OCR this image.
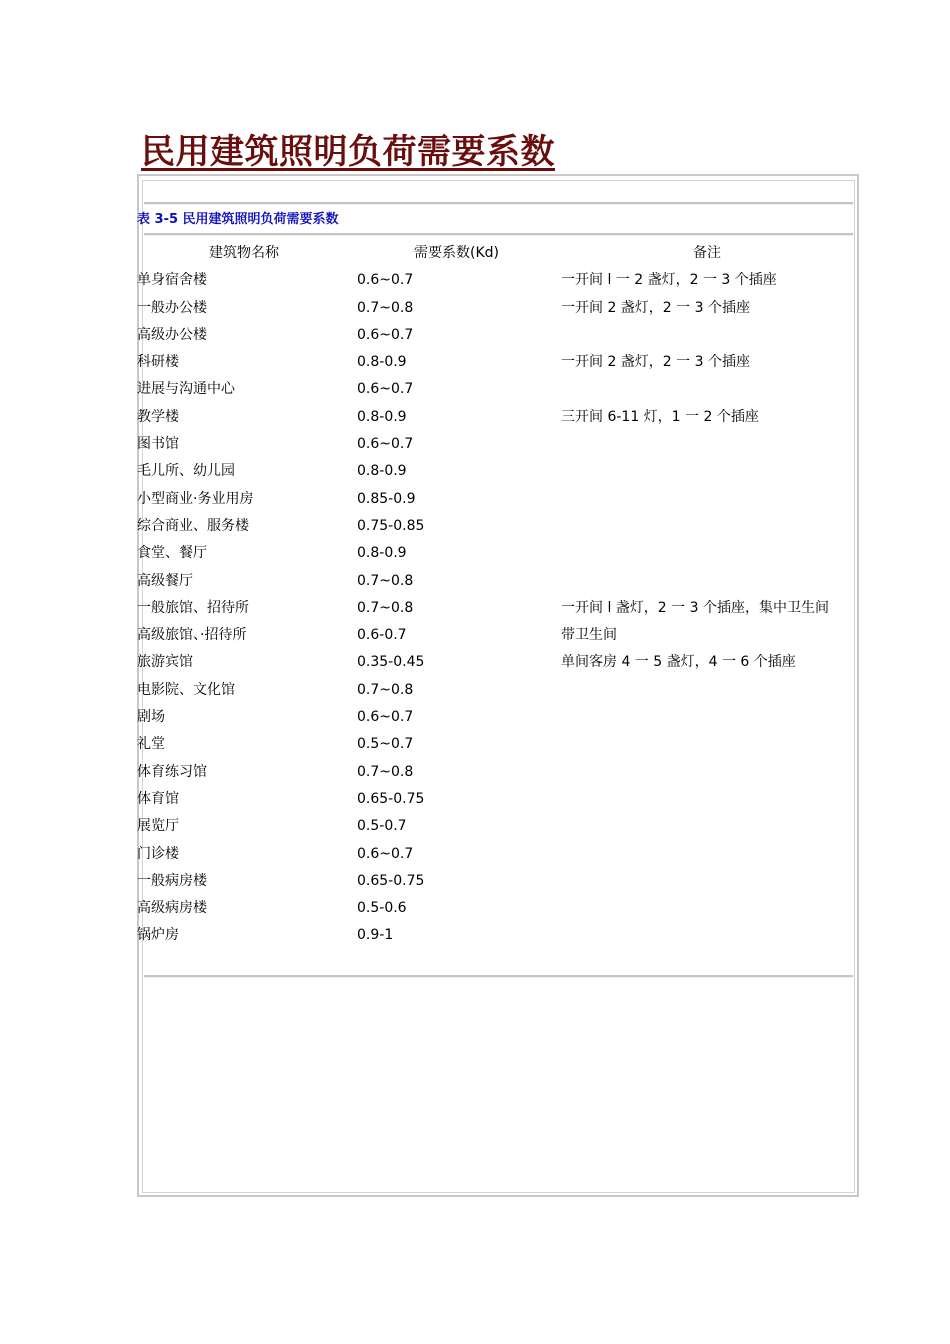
民用建筑照明负荷需要系数
表 3-5 民用建筑照明负荷需要系数
建筑物名称	需要系数(Kd)	备注
单身宿舍楼	0.6~0.7	一开间 l 一 2 盏灯，2 一 3 个插座
一般办公楼	0.7~0.8	一开间 2 盏灯，2 一 3 个插座
高级办公楼	0.6~0.7
科研楼	0.8-0.9	一开间 2 盏灯，2 一 3 个插座
进展与沟通中心	0.6~0.7
教学楼	0.8-0.9	三开间 6-11 灯，1 一 2 个插座
图书馆	0.6~0.7
毛儿所、幼儿园	0.8-0.9
小型商业·务业用房	0.85-0.9
综合商业、服务楼	0.75-0.85
食堂、餐厅	0.8-0.9
高级餐厅	0.7~0.8
一般旅馆、招待所	0.7~0.8	一开间 l 盏灯，2 一 3 个插座，集中卫生间
高级旅馆、·招待所	0.6-0.7	带卫生间
旅游宾馆	0.35-0.45	单间客房 4 一 5 盏灯，4 一 6 个插座
电影院、文化馆	0.7~0.8
剧场	0.6~0.7
礼堂	0.5~0.7
体育练习馆	0.7~0.8
体育馆	0.65-0.75
展览厅	0.5-0.7
门诊楼	0.6~0.7
一般病房楼	0.65-0.75
高级病房楼	0.5-0.6
锅炉房	0.9-1
